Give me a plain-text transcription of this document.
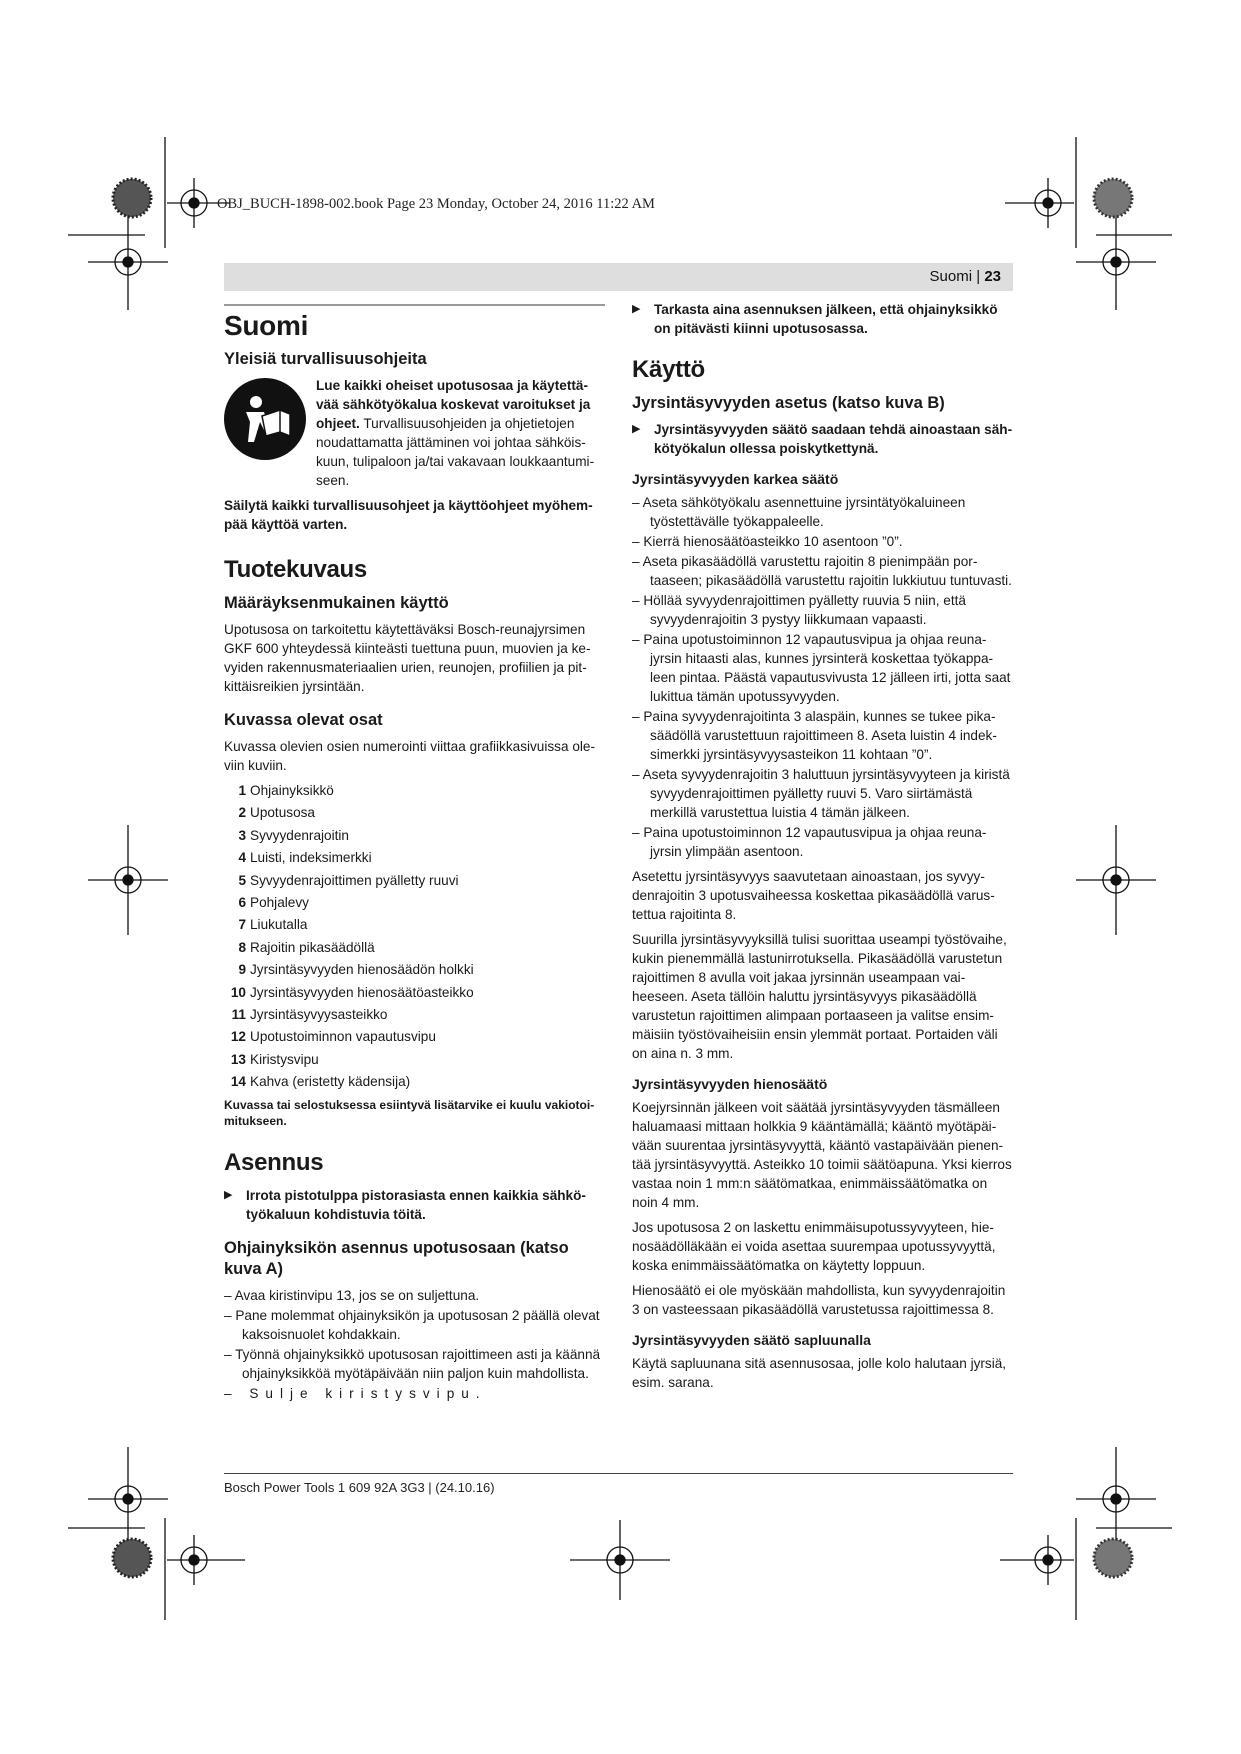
OBJ_BUCH-1898-002.book Page 23 Monday, October 24, 2016 11:22 AM
Suomi | 23
Suomi
Yleisiä turvallisuusohjeita
Lue kaikki oheiset upotusosaa ja käytettävää sähkötyökalua koskevat varoitukset ja ohjeet. Turvallisuusohjeiden ja ohjetietojen noudattamatta jättäminen voi johtaa sähköiskuun, tulipaloon ja/tai vakavaan loukkaantumiseen.

Säilytä kaikki turvallisuusohjeet ja käyttöohjeet myöhempää käyttöä varten.

Tuotekuvaus
Määräyksenmukainen käyttö

Upotusosa on tarkoitettu käytettäväksi Bosch-reunajyrsimen GKF 600 yhteydessä kiinteästi tuettuna puun, muovien ja kevyiden rakennusmateriaalien urien, reunojen, profiilien ja pitkittäisreikien jyrsintään.

Kuvassa olevat osat

Kuvassa olevien osien numerointi viittaa grafiikkasivuissa oleviin kuviin.

1 Ohjainyksikkö
2 Upotusosa
3 Syvyydenrajoitin
4 Luisti, indeksimerkki
5 Syvyydenrajoittimen pyälletty ruuvi
6 Pohjalevy
7 Liukutalla
8 Rajoitin pikasäädöllä
9 Jyrsintäsyvyyden hienosäädön holkki
10 Jyrsintäsyvyyden hienosäätöasteikko
11 Jyrsintäsyvyysasteikko
12 Upotustoiminnon vapautusvipu
13 Kiristysvipu
14 Kahva (eristetty kädensija)

Kuvassa tai selostuksessa esiintyvä lisätarvike ei kuulu vakiotoimitukseen.

Asennus
▶ Irrota pistotulppa pistorasiasta ennen kaikkia sähkötyökaluun kohdistuvia töitä.
Ohjainyksikön asennus upotusosaan (katso kuva A)
– Avaa kiristinvipu 13, jos se on suljettuna.
– Pane molemmat ohjainyksikön ja upotusosan 2 päällä olevat kaksoisnuolet kohdakkain.
– Työnnä ohjainyksikkö upotusosan rajoittimeen asti ja käännä ohjainyksikköä myötäpäivään niin paljon kuin mahdollista.
– Sulje kiristysvipu.
▶ Tarkasta aina asennuksen jälkeen, että ohjainyksikkö on pitävästi kiinni upotusosassa.
Käyttö
Jyrsintäsyvyyden asetus (katso kuva B)
▶ Jyrsintäsyvyyden säätö saadaan tehdä ainoastaan sähkötyökalun ollessa poiskytkettynä.
Jyrsintäsyvyyden karkea säätö
– Aseta sähkötyökalu asennettuine jyrsintätyökaluineen työstettävälle työkappaleelle.
– Kierrä hienosäätöasteikko 10 asentoon ”0”.
– Aseta pikasäädöllä varustettu rajoitin 8 pienimpään portaaseen; pikasäädöllä varustettu rajoitin lukkiutuu tuntuvasti.
– Höllää syvyydenrajoittimen pyälletty ruuvia 5 niin, että syvyydenrajoitin 3 pystyy liikkumaan vapaasti.
– Paina upotustoiminnon 12 vapautusvipua ja ohjaa reunajyrsin hitaasti alas, kunnes jyrsinterä koskettaa työkappaleen pintaa. Päästä vapautusvivusta 12 jälleen irti, jotta saat lukittua tämän upotussyvyyden.
– Paina syvyydenrajoitinta 3 alaspäin, kunnes se tukee pikasäädöllä varustettuun rajoittimeen 8. Aseta luistin 4 indeksimerkki jyrsintäsyvyysasteikon 11 kohtaan ”0”.
– Aseta syvyydenrajoitin 3 haluttuun jyrsintäsyvyyteen ja kiristä syvyydenrajoittimen pyälletty ruuvi 5. Varo siirtämästä merkillä varustettua luistia 4 tämän jälkeen.
– Paina upotustoiminnon 12 vapautusvipua ja ohjaa reunajyrsin ylimpään asentoon.

Asetettu jyrsintäsyvyys saavutetaan ainoastaan, jos syvyydenrajoitin 3 upotusvaiheessa koskettaa pikasäädöllä varustettua rajoitinta 8.

Suurilla jyrsintäsyvyyksillä tulisi suorittaa useampi työstövaihe, kukin pienemmällä lastunirrotuksella. Pikasäädöllä varustetun rajoittimen 8 avulla voit jakaa jyrsinnän useampaan vaiheeseen. Aseta tällöin haluttu jyrsintäsyvyys pikasäädöllä varustetun rajoittimen alimpaan portaaseen ja valitse ensimmäisiin työstövaiheisiin ensin ylemmät portaat. Portaiden väli on aina n. 3 mm.

Jyrsintäsyvyyden hienosäätö

Koejyrsinnän jälkeen voit säätää jyrsintäsyvyyden täsmälleen haluamaasi mittaan holkkia 9 kääntämällä; kääntö myötäpäivään suurentaa jyrsintäsyvyyttä, kääntö vastapäivään pienentää jyrsintäsyvyyttä. Asteikko 10 toimii säätöapuna. Yksi kierros vastaa noin 1 mm:n säätömatkaa, enimmäissäätömatka on noin 4 mm.

Jos upotusosa 2 on laskettu enimmäisupotussyvyyteen, hienosäädölläkään ei voida asettaa suurempaa upotussyvyyttä, koska enimmäissäätömatka on käytetty loppuun.

Hienosäätö ei ole myöskään mahdollista, kun syvyydenrajoitin 3 on vasteessaan pikasäädöllä varustetussa rajoittimessa 8.

Jyrsintäsyvyyden säätö sapluunalla

Käytä sapluunana sitä asennusosaa, jolle kolo halutaan jyrsiä, esim. sarana.

Bosch Power Tools 1 609 92A 3G3 | (24.10.16)
